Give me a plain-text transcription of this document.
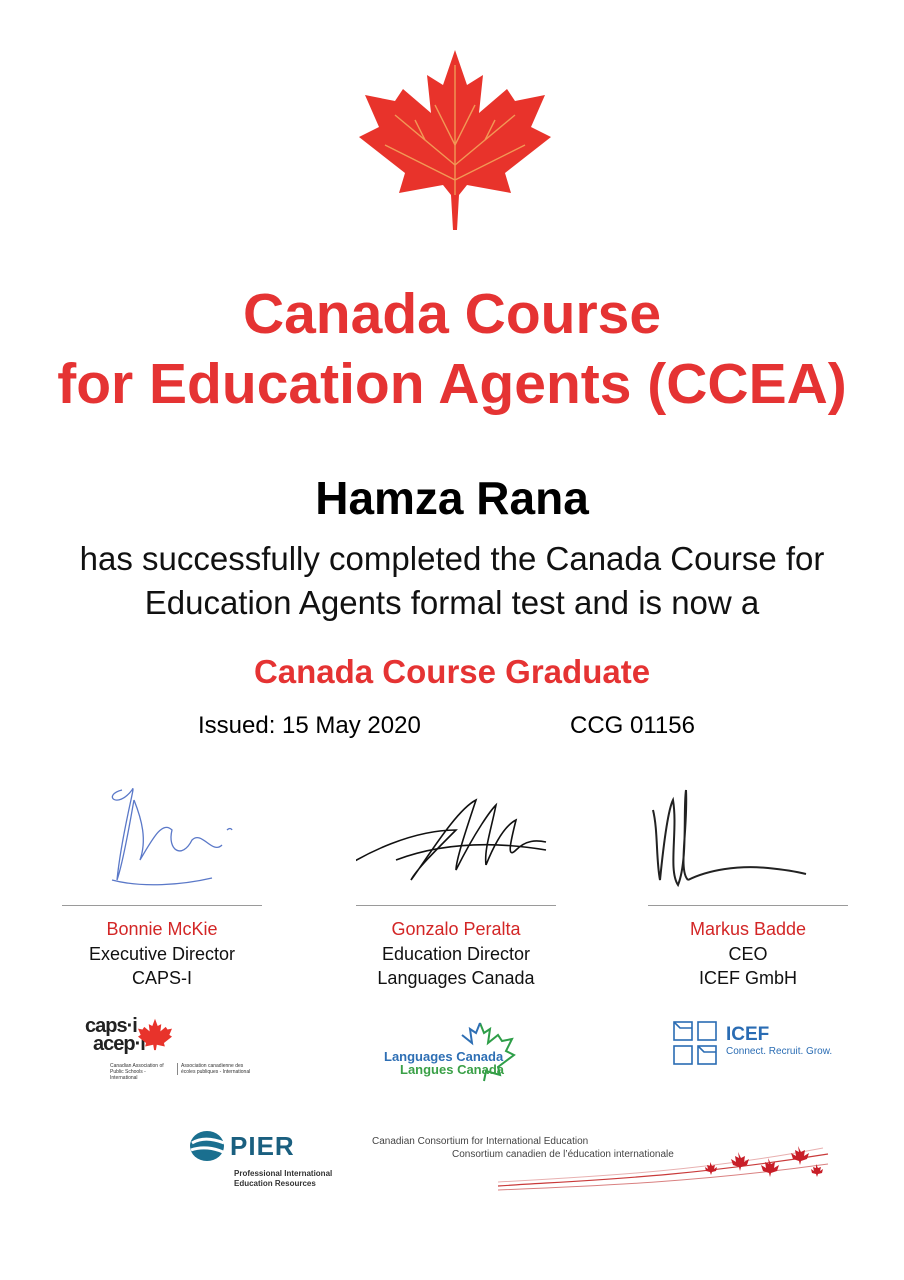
Canada Course
for Education Agents (CCEA)
Hamza Rana
has successfully completed the Canada Course for
Education Agents formal test and is now a
Canada Course Graduate
Issued: 15 May 2020	CCG 01156
Bonnie McKie
Executive Director
CAPS-I
Gonzalo Peralta
Education Director
Languages Canada
Markus Badde
CEO
ICEF GmbH
caps·i
acep·i
Canadian Association of Public Schools - International
Association canadienne des écoles publiques - International
Languages Canada
Langues Canada
ICEF
Connect. Recruit. Grow.
PIER
Professional International
Education Resources
Canadian Consortium for International Education
Consortium canadien de l’éducation internationale
